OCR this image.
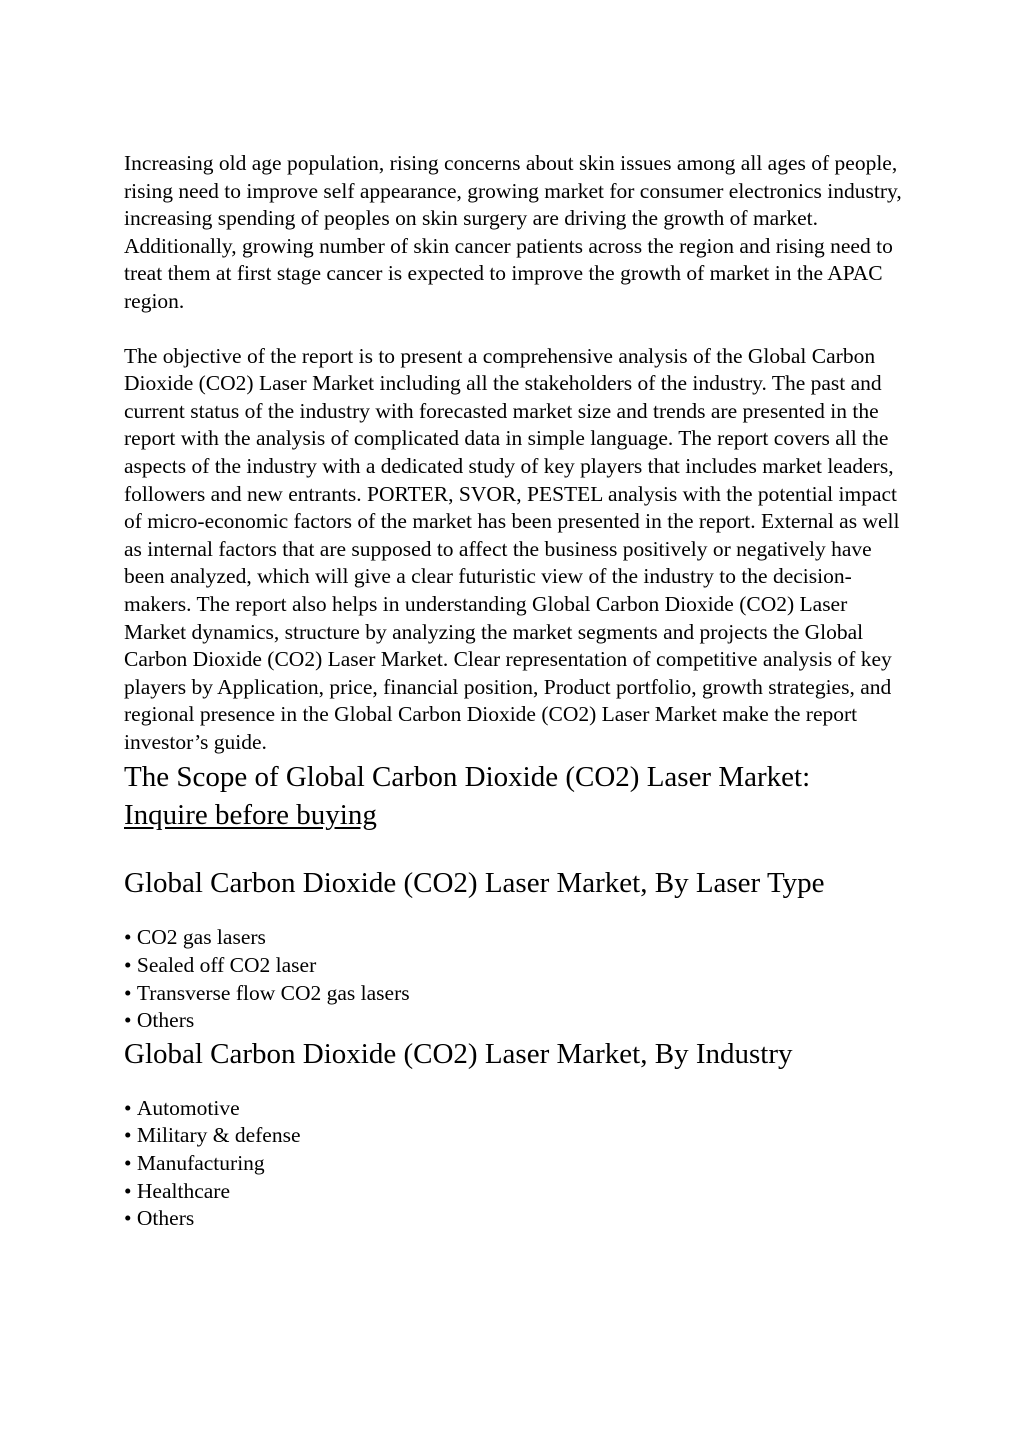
Increasing old age population, rising concerns about skin issues among all ages of people, rising need to improve self appearance, growing market for consumer electronics industry, increasing spending of peoples on skin surgery are driving the growth of market. Additionally, growing number of skin cancer patients across the region and rising need to treat them at first stage cancer is expected to improve the growth of market in the APAC region.

The objective of the report is to present a comprehensive analysis of the Global Carbon Dioxide (CO2) Laser Market including all the stakeholders of the industry. The past and current status of the industry with forecasted market size and trends are presented in the report with the analysis of complicated data in simple language. The report covers all the aspects of the industry with a dedicated study of key players that includes market leaders, followers and new entrants. PORTER, SVOR, PESTEL analysis with the potential impact of micro-economic factors of the market has been presented in the report. External as well as internal factors that are supposed to affect the business positively or negatively have been analyzed, which will give a clear futuristic view of the industry to the decision-makers. The report also helps in understanding Global Carbon Dioxide (CO2) Laser Market dynamics, structure by analyzing the market segments and projects the Global Carbon Dioxide (CO2) Laser Market. Clear representation of competitive analysis of key players by Application, price, financial position, Product portfolio, growth strategies, and regional presence in the Global Carbon Dioxide (CO2) Laser Market make the report investor’s guide.

The Scope of Global Carbon Dioxide (CO2) Laser Market:
Inquire before buying
Global Carbon Dioxide (CO2) Laser Market, By Laser Type
• CO2 gas lasers
• Sealed off CO2 laser
• Transverse flow CO2 gas lasers
• Others
Global Carbon Dioxide (CO2) Laser Market, By Industry
• Automotive
• Military & defense
• Manufacturing
• Healthcare
• Others
